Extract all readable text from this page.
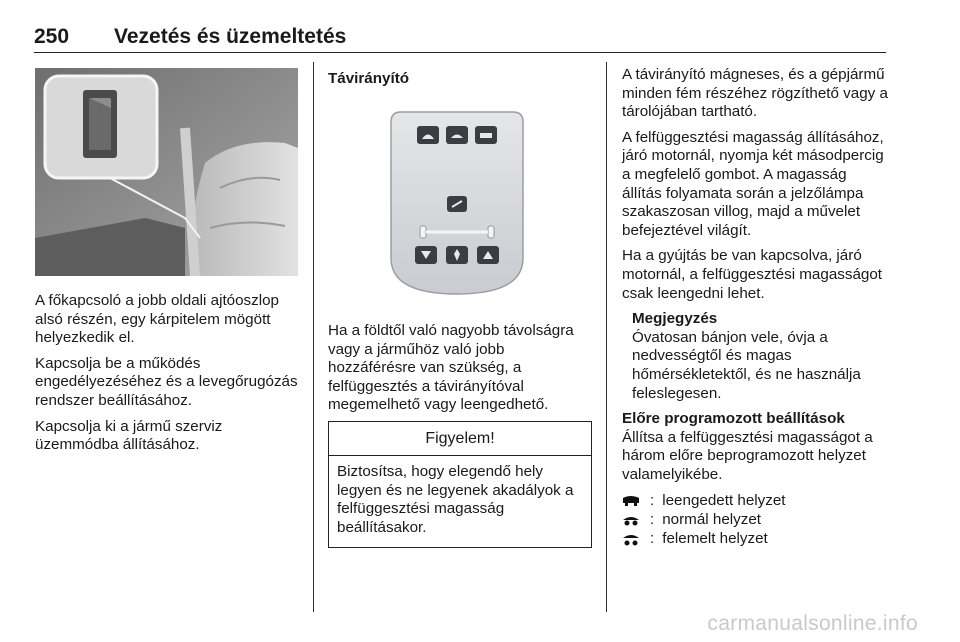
250 Vezetés és üzemeltetés

A főkapcsoló a jobb oldali ajtóoszlop alsó részén, egy kárpitelem mögött helyezkedik el.

Kapcsolja be a működés engedélyezéséhez és a levegőrugózás rendszer beállításához.

Kapcsolja ki a jármű szerviz üzemmódba állításához.

Távirányító

Ha a földtől való nagyobb távolságra vagy a járműhöz való jobb hozzáférésre van szükség, a felfüggesztés a távirányítóval megemelhető vagy leengedhető.

Figyelem!
Biztosítsa, hogy elegendő hely legyen és ne legyenek akadályok a felfüggesztési magasság beállításakor.

A távirányító mágneses, és a gépjármű minden fém részéhez rögzíthető vagy a tárolójában tartható.

A felfüggesztési magasság állításához, járó motornál, nyomja két másodpercig a megfelelő gombot. A magasság állítás folyamata során a jelzőlámpa szakaszosan villog, majd a művelet befejeztével világít.

Ha a gyújtás be van kapcsolva, járó motornál, a felfüggesztési magasságot csak leengedni lehet.

Megjegyzés

Óvatosan bánjon vele, óvja a nedvességtől és magas hőmérsékletektől, és ne használja feleslegesen.

Előre programozott beállítások

Állítsa a felfüggesztési magasságot a három előre beprogramozott helyzet valamelyikébe.

: leengedett helyzet
: normál helyzet
: felemelt helyzet
carmanualsonline.info
